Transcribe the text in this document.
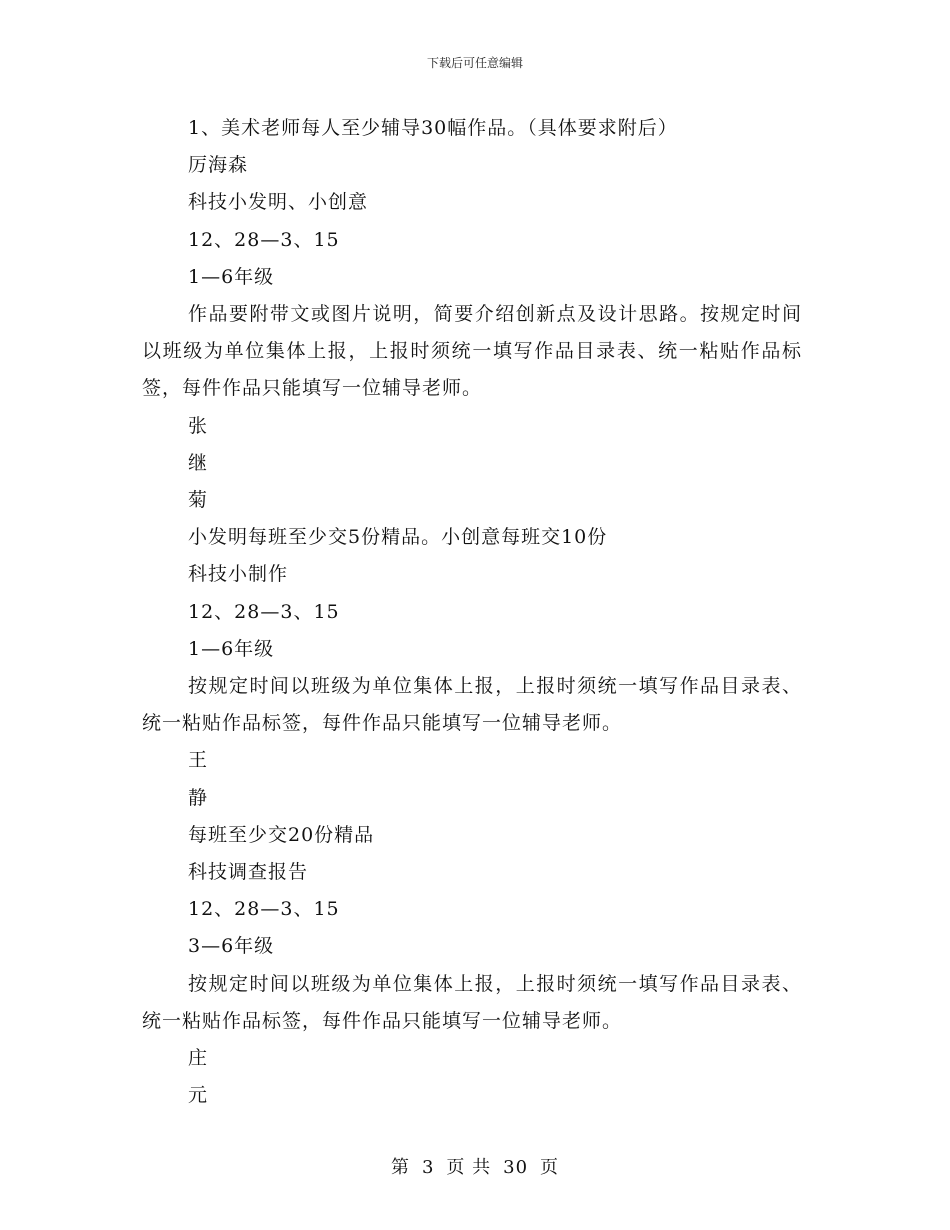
下载后可任意编辑
1、美术老师每人至少辅导30幅作品。（具体要求附后）
厉海森
科技小发明、小创意
12、28—3、15
1—6年级
作品要附带文或图片说明，简要介绍创新点及设计思路。按规定时间以班级为单位集体上报，上报时须统一填写作品目录表、统一粘贴作品标签，每件作品只能填写一位辅导老师。
张
继
菊
小发明每班至少交5份精品。小创意每班交10份
科技小制作
12、28—3、15
1—6年级
按规定时间以班级为单位集体上报，上报时须统一填写作品目录表、统一粘贴作品标签，每件作品只能填写一位辅导老师。
王
静
每班至少交20份精品
科技调查报告
12、28—3、15
3—6年级
按规定时间以班级为单位集体上报，上报时须统一填写作品目录表、统一粘贴作品标签，每件作品只能填写一位辅导老师。
庄
元
第 3 页 共 30 页
